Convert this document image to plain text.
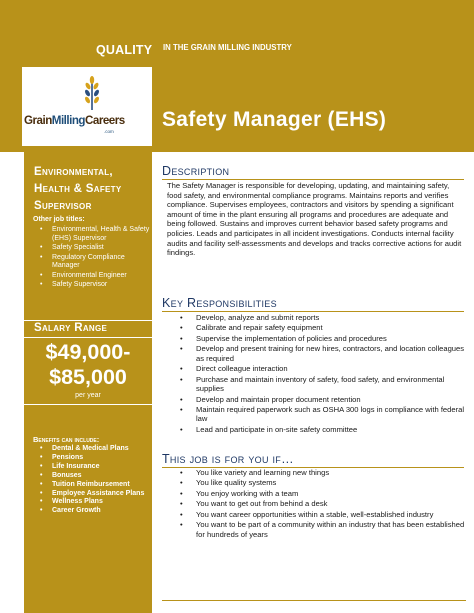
QUALITY IN THE GRAIN MILLING INDUSTRY
GrainMillingCareers
.com
Safety Manager (EHS)
Environmental, Health & Safety Supervisor
Other job titles:
• Environmental, Health & Safety (EHS) Supervisor
• Safety Specialist
• Regulatory Compliance Manager
• Environmental Engineer
• Safety Supervisor
Salary Range
$49,000-
$85,000
per year
Benefits can include:
• Dental & Medical Plans
• Pensions
• Life Insurance
• Bonuses
• Tuition Reimbursement
• Employee Assistance Plans
• Wellness Plans
• Career Growth
Description
The Safety Manager is responsible for developing, updating, and maintaining safety, food safety, and environmental compliance programs. Maintains reports and verifies compliance. Supervises employees, contractors and visitors by spending a significant amount of time in the plant ensuring all programs and procedures are adequate and being followed. Sustains and improves current behavior based safety programs and policies. Leads and participates in all incident investigations. Conducts internal facility audits and facility self-assessments and develops and tracks corrective actions for audit findings.
Key Responsibilities
• Develop, analyze and submit reports
• Calibrate and repair safety equipment
• Supervise the implementation of policies and procedures
• Develop and present training for new hires, contractors, and location colleagues as required
• Direct colleague interaction
• Purchase and maintain inventory of safety, food safety, and environmental supplies
• Develop and maintain proper document retention
• Maintain required paperwork such as OSHA 300 logs in compliance with federal law
• Lead and participate in on-site safety committee
This job is for you if…
• You like variety and learning new things
• You like quality systems
• You enjoy working with a team
• You want to get out from behind a desk
• You want career opportunities within a stable, well-established industry
• You want to be part of a community within an industry that has been established for hundreds of years
